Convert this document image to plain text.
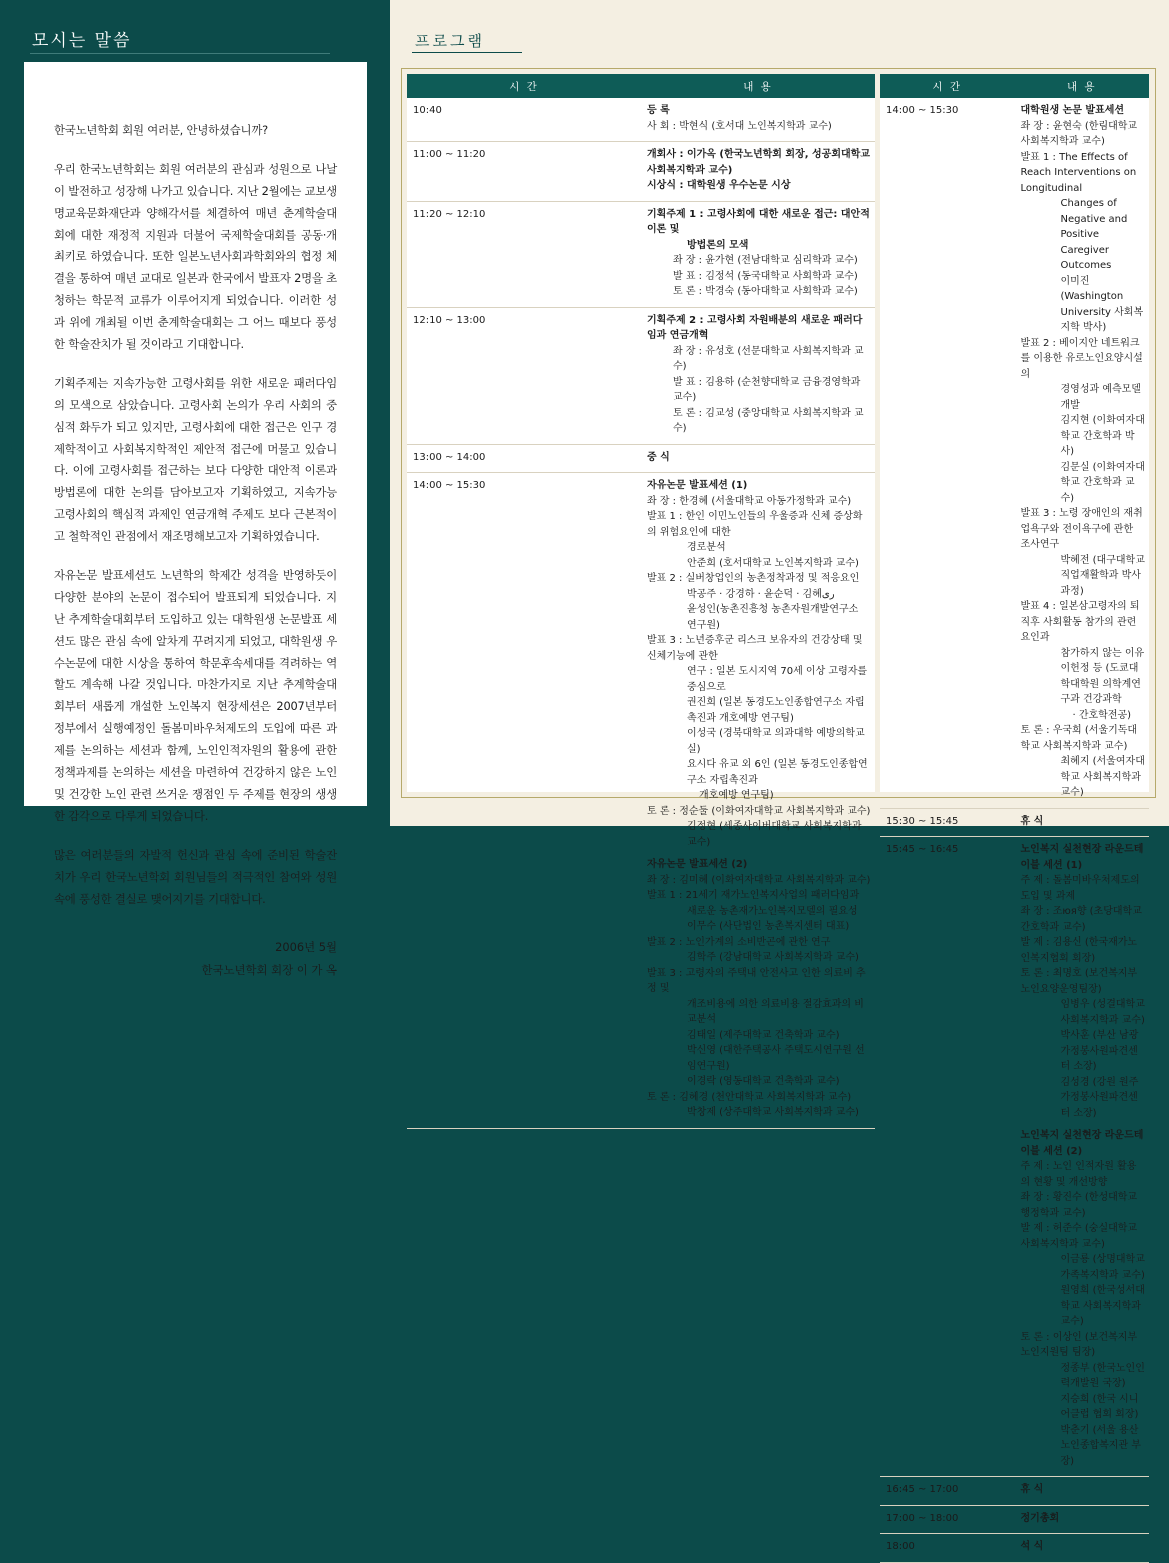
모시는 말씀

한국노년학회 회원 여러분, 안녕하셨습니까?

우리 한국노년학회는 회원 여러분의 관심과 성원으로 나날이 발전하고 성장해 나가고 있습니다. 지난 2월에는 교보생명교육문화재단과 양해각서를 체결하여 매년 춘계학술대회에 대한 재정적 지원과 더불어 국제학술대회를 공동·개최키로 하였습니다. 또한 일본노년사회과학회와의 협정 체결을 통하여 매년 교대로 일본과 한국에서 발표자 2명을 초청하는 학문적 교류가 이루어지게 되었습니다. 이러한 성과 위에 개최될 이번 춘계학술대회는 그 어느 때보다 풍성한 학술잔치가 될 것이라고 기대합니다.

기획주제는 지속가능한 고령사회를 위한 새로운 패러다임의 모색으로 삼았습니다. 고령사회 논의가 우리 사회의 중심적 화두가 되고 있지만, 고령사회에 대한 접근은 인구 경제학적이고 사회복지학적인 제안적 접근에 머물고 있습니다. 이에 고령사회를 접근하는 보다 다양한 대안적 이론과 방법론에 대한 논의를 담아보고자 기획하였고, 지속가능 고령사회의 핵심적 과제인 연금개혁 주제도 보다 근본적이고 철학적인 관점에서 재조명해보고자 기획하였습니다.

자유논문 발표세션도 노년학의 학제간 성격을 반영하듯이 다양한 분야의 논문이 접수되어 발표되게 되었습니다. 지난 추계학술대회부터 도입하고 있는 대학원생 논문발표 세션도 많은 관심 속에 알차게 꾸려지게 되었고, 대학원생 우수논문에 대한 시상을 통하여 학문후속세대를 격려하는 역할도 계속해 나갈 것입니다. 마찬가지로 지난 추계학술대회부터 새롭게 개설한 노인복지 현장세션은 2007년부터 정부에서 실행예정인 돌봄미바우처제도의 도입에 따른 과제를 논의하는 세션과 함께, 노인인적자원의 활용에 관한 정책과제를 논의하는 세션을 마련하여 건강하지 않은 노인 및 건강한 노인 관련 쓰거운 쟁점인 두 주제를 현장의 생생한 감각으로 다루게 되었습니다.

많은 여러분들의 자발적 헌신과 관심 속에 준비된 학술잔치가 우리 한국노년학회 회원님들의 적극적인 참여와 성원속에 풍성한 결실로 맺어지기를 기대합니다.

2006년 5월
한국노년학회 회장 이 가 옥
프로그램
시 간	내 용
10:40	등 록
사 회 : 박현식 (호서대 노인복지학과 교수)

11:00 ~ 11:20	개회사 : 이가옥 (한국노년학회 회장, 성공회대학교 사회복지학과 교수)
시상식 : 대학원생 우수논문 시상

11:20 ~ 12:10	기획주제 1 : 고령사회에 대한 새로운 접근: 대안적 이론 및
방법론의 모색
좌 장 : 윤가현 (전남대학교 심리학과 교수)
발 표 : 김정석 (동국대학교 사회학과 교수)
토 론 : 박경숙 (동아대학교 사회학과 교수)

12:10 ~ 13:00	기획주제 2 : 고령사회 자원배분의 새로운 패러다임과 연금개혁
좌 장 : 유성호 (선문대학교 사회복지학과 교수)
발 표 : 김용하 (순천향대학교 금융경영학과 교수)
토 론 : 김교성 (중앙대학교 사회복지학과 교수)

13:00 ~ 14:00	중 식

14:00 ~ 15:30	자유논문 발표세션 (1)
좌 장 : 한경혜 (서울대학교 아동가정학과 교수)
발표 1 : 한인 이민노인들의 우울증과 신체 증상화의 위험요인에 대한
경로분석
안준희 (호서대학교 노인복지학과 교수)
발표 2 : 실버창업인의 농촌정착과정 및 적응요인
박공주 · 강경하 · 윤순덕 · 김혜ری
윤성인(농촌진흥청 농촌자원개발연구소 연구원)
발표 3 : 노년증후군 리스크 보유자의 건강상태 및 신체기능에 관한
연구 : 일본 도시지역 70세 이상 고령자를 중심으로
권진희 (일본 동경도노인종합연구소 자립촉진과 개호예방 연구팀)
이성국 (경북대학교 의과대학 예방의학교실)
요시다 유교 외 6인 (일본 동경도인종합연구소 자립촉진과
개호예방 연구팀)
토 론 : 정순둘 (이화여자대학교 사회복지학과 교수)
김정현 (세종사이버대학교 사회복지학과 교수)
자유논문 발표세션 (2)
좌 장 : 김미혜 (이화여자대학교 사회복지학과 교수)
발표 1 : 21세기 재가노인복지사업의 패러다임과
새로운 농촌재가노인복지모델의 필요성
이무수 (사단법인 농촌복지센터 대표)
발표 2 : 노인가계의 소비반곤에 관한 연구
김학주 (강남대학교 사회복지학과 교수)
발표 3 : 고령자의 주택내 안전사고 인한 의료비 추정 및
개조비용에 의한 의료비용 절감효과의 비교분석
김태일 (제주대학교 건축학과 교수)
박신영 (대한주택공사 주택도시연구원 선임연구원)
이경락 (영동대학교 건축학과 교수)
토 론 : 김혜경 (천안대학교 사회복지학과 교수)
박창제 (상주대학교 사회복지학과 교수)
시 간	내 용
14:00 ~ 15:30	대학원생 논문 발표세션
좌 장 : 윤현숙 (한림대학교 사회복지학과 교수)
발표 1 : The Effects of Reach Interventions on Longitudinal
Changes of Negative and Positive Caregiver
Outcomes
이미진 (Washington University 사회복지학 박사)
발표 2 : 베이지안 네트워크를 이용한 유로노인요양시설의
경영성과 예측모델 개발
김지현 (이화여자대학교 간호학과 박사)
김문실 (이화여자대학교 간호학과 교수)
발표 3 : 노령 장애인의 재취업욕구와 전이욕구에 관한 조사연구
박혜전 (대구대학교 직업재활학과 박사과정)
발표 4 : 일본삼고령자의 퇴직후 사회활동 참가의 관련요인과
참가하지 않는 이유
이헌정 등 (도쿄대학대학원 의학계연구과 건강과학
· 간호학전공)
토 론 : 우국희 (서울기독대학교 사회복지학과 교수)
최혜지 (서울여자대학교 사회복지학과 교수)

15:30 ~ 15:45	휴 식

15:45 ~ 16:45	노인복지 실천현장 라운드테이블 세션 (1)
주 제 : 돌봄미바우처제도의 도입 및 과제
좌 장 : 조юя향 (초당대학교 간호학과 교수)
발 제 : 김용신 (한국재가노인복지협회 회장)
토 론 : 최명호 (보건복지부 노인요양운영팀장)
임병우 (성결대학교 사회복지학과 교수)
박사훈 (부산 남광가정봉사원파견센터 소장)
김성경 (강원 원주가정봉사원파견센터 소장)
노인복지 실천현장 라운드테이블 세션 (2)
주 제 : 노인 인적자원 활용의 현황 및 개선방향
좌 장 : 황진수 (한성대학교 행정학과 교수)
발 제 : 허준수 (숭실대학교 사회복지학과 교수)
이금룡 (상명대학교 가족복지학과 교수)
원영희 (한국성서대학교 사회복지학과 교수)
토 론 : 이상인 (보건복지부 노인지원팀 팀장)
정종부 (한국노인인력개발원 국장)
지승희 (한국 시니어클럽 협회 회장)
박춘기 (서울 용산노인종합복지관 부장)

16:45 ~ 17:00	휴 식

17:00 ~ 18:00	정기총회

18:00	석 식
